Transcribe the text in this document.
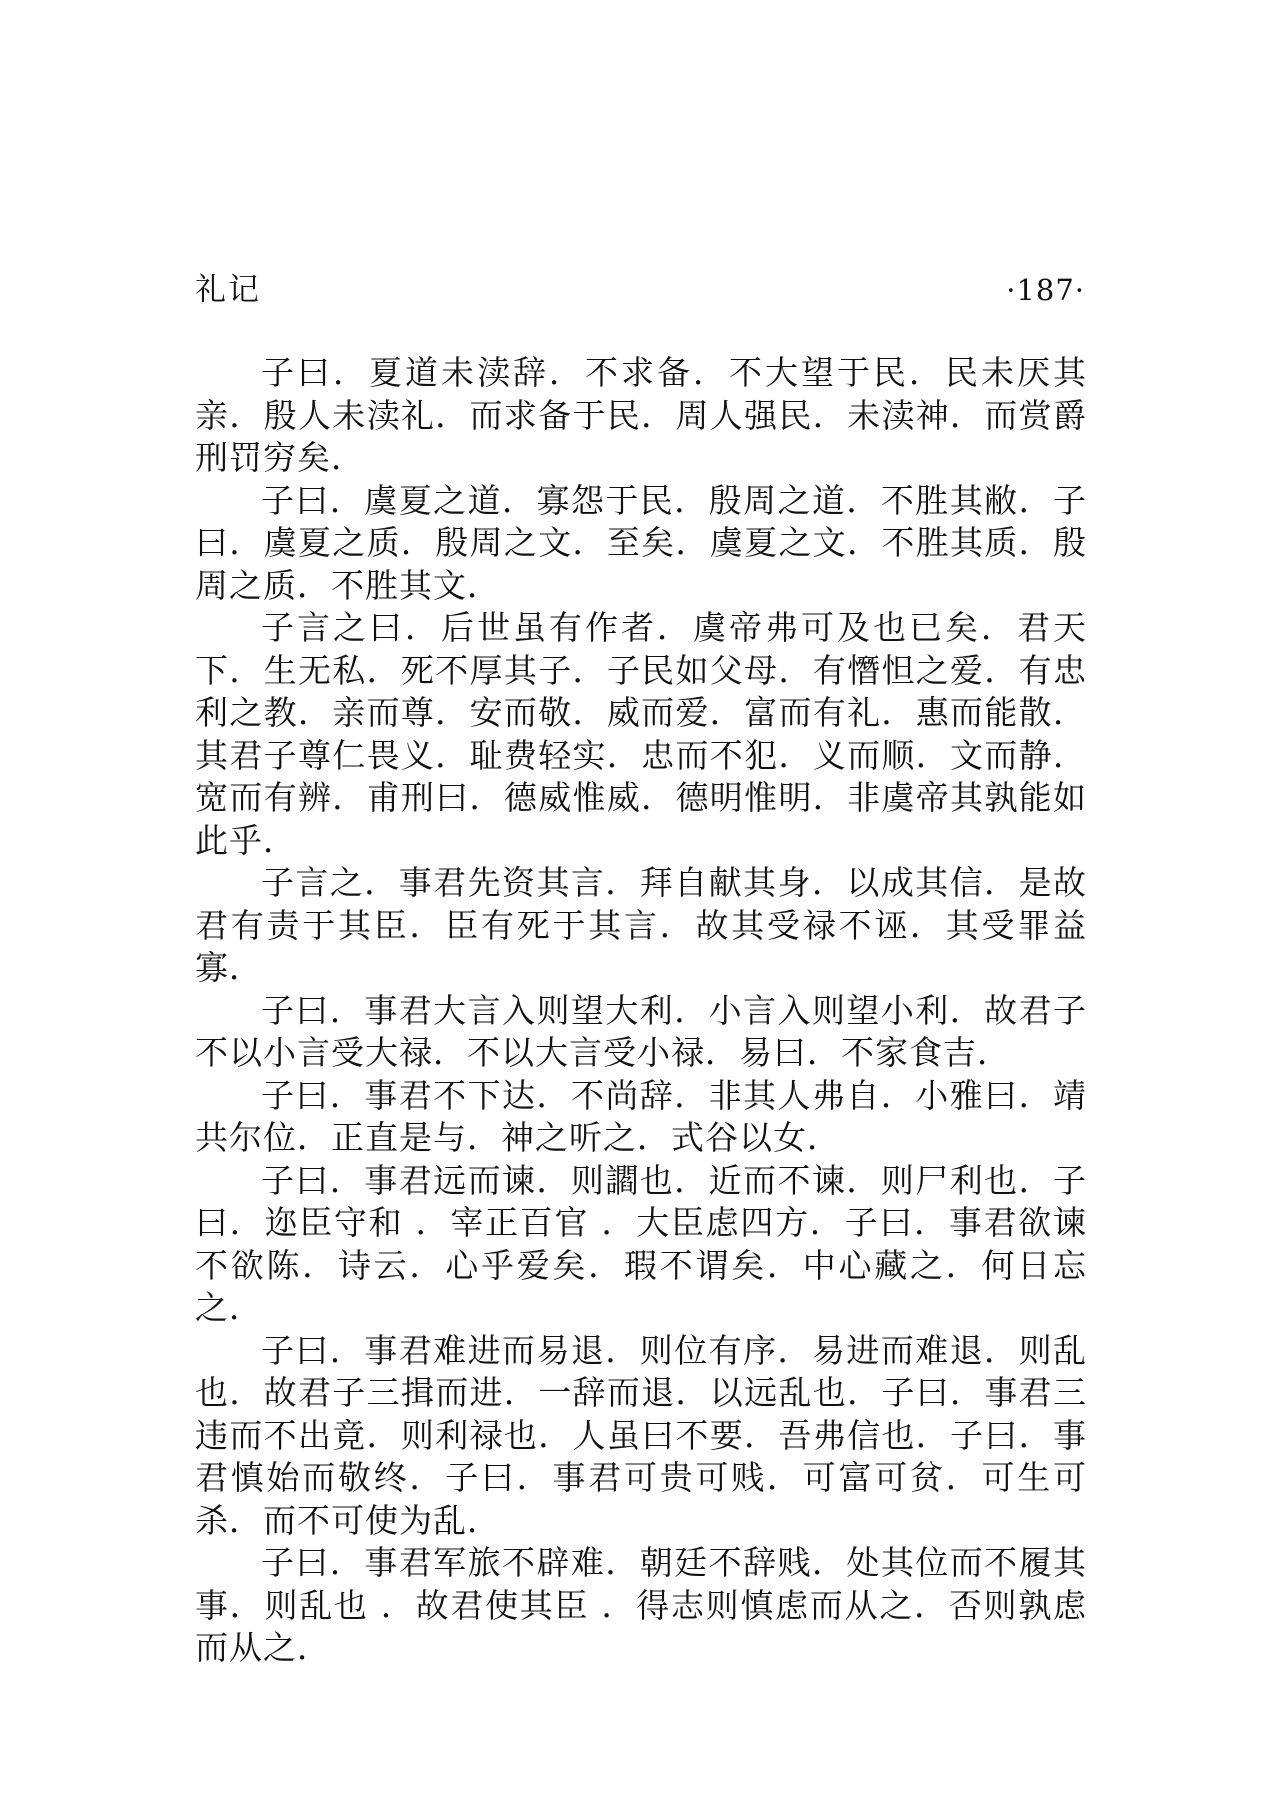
礼记	·187·

子曰．夏道未渎辞．不求备．不大望于民．民未厌其亲．殷人未渎礼．而求备于民．周人强民．未渎神．而赏爵刑罚穷矣．

子曰．虞夏之道．寡怨于民．殷周之道．不胜其敝．子曰．虞夏之质．殷周之文．至矣．虞夏之文．不胜其质．殷周之质．不胜其文．

子言之曰．后世虽有作者．虞帝弗可及也已矣．君天下．生无私．死不厚其子．子民如父母．有憯怛之爱．有忠利之教．亲而尊．安而敬．威而爱．富而有礼．惠而能散．其君子尊仁畏义．耻费轻实．忠而不犯．义而顺．文而静．宽而有辨．甫刑曰．德威惟威．德明惟明．非虞帝其孰能如此乎．

子言之．事君先资其言．拜自献其身．以成其信．是故君有责于其臣．臣有死于其言．故其受禄不诬．其受罪益寡．

子曰．事君大言入则望大利．小言入则望小利．故君子不以小言受大禄．不以大言受小禄．易曰．不家食吉．

子曰．事君不下达．不尚辞．非其人弗自．小雅曰．靖共尔位．正直是与．神之听之．式谷以女．

子曰．事君远而谏．则讇也．近而不谏．则尸利也．子曰．迩臣守和 ．宰正百官 ．大臣虑四方．子曰．事君欲谏不欲陈．诗云．心乎爱矣．瑕不谓矣．中心藏之．何日忘之．

子曰．事君难进而易退．则位有序．易进而难退．则乱也．故君子三揖而进．一辞而退．以远乱也．子曰．事君三违而不出竟．则利禄也．人虽曰不要．吾弗信也．子曰．事君慎始而敬终．子曰．事君可贵可贱．可富可贫．可生可杀．而不可使为乱．

子曰．事君军旅不辟难．朝廷不辞贱．处其位而不履其事．则乱也 ．故君使其臣 ．得志则慎虑而从之．否则孰虑而从之．
